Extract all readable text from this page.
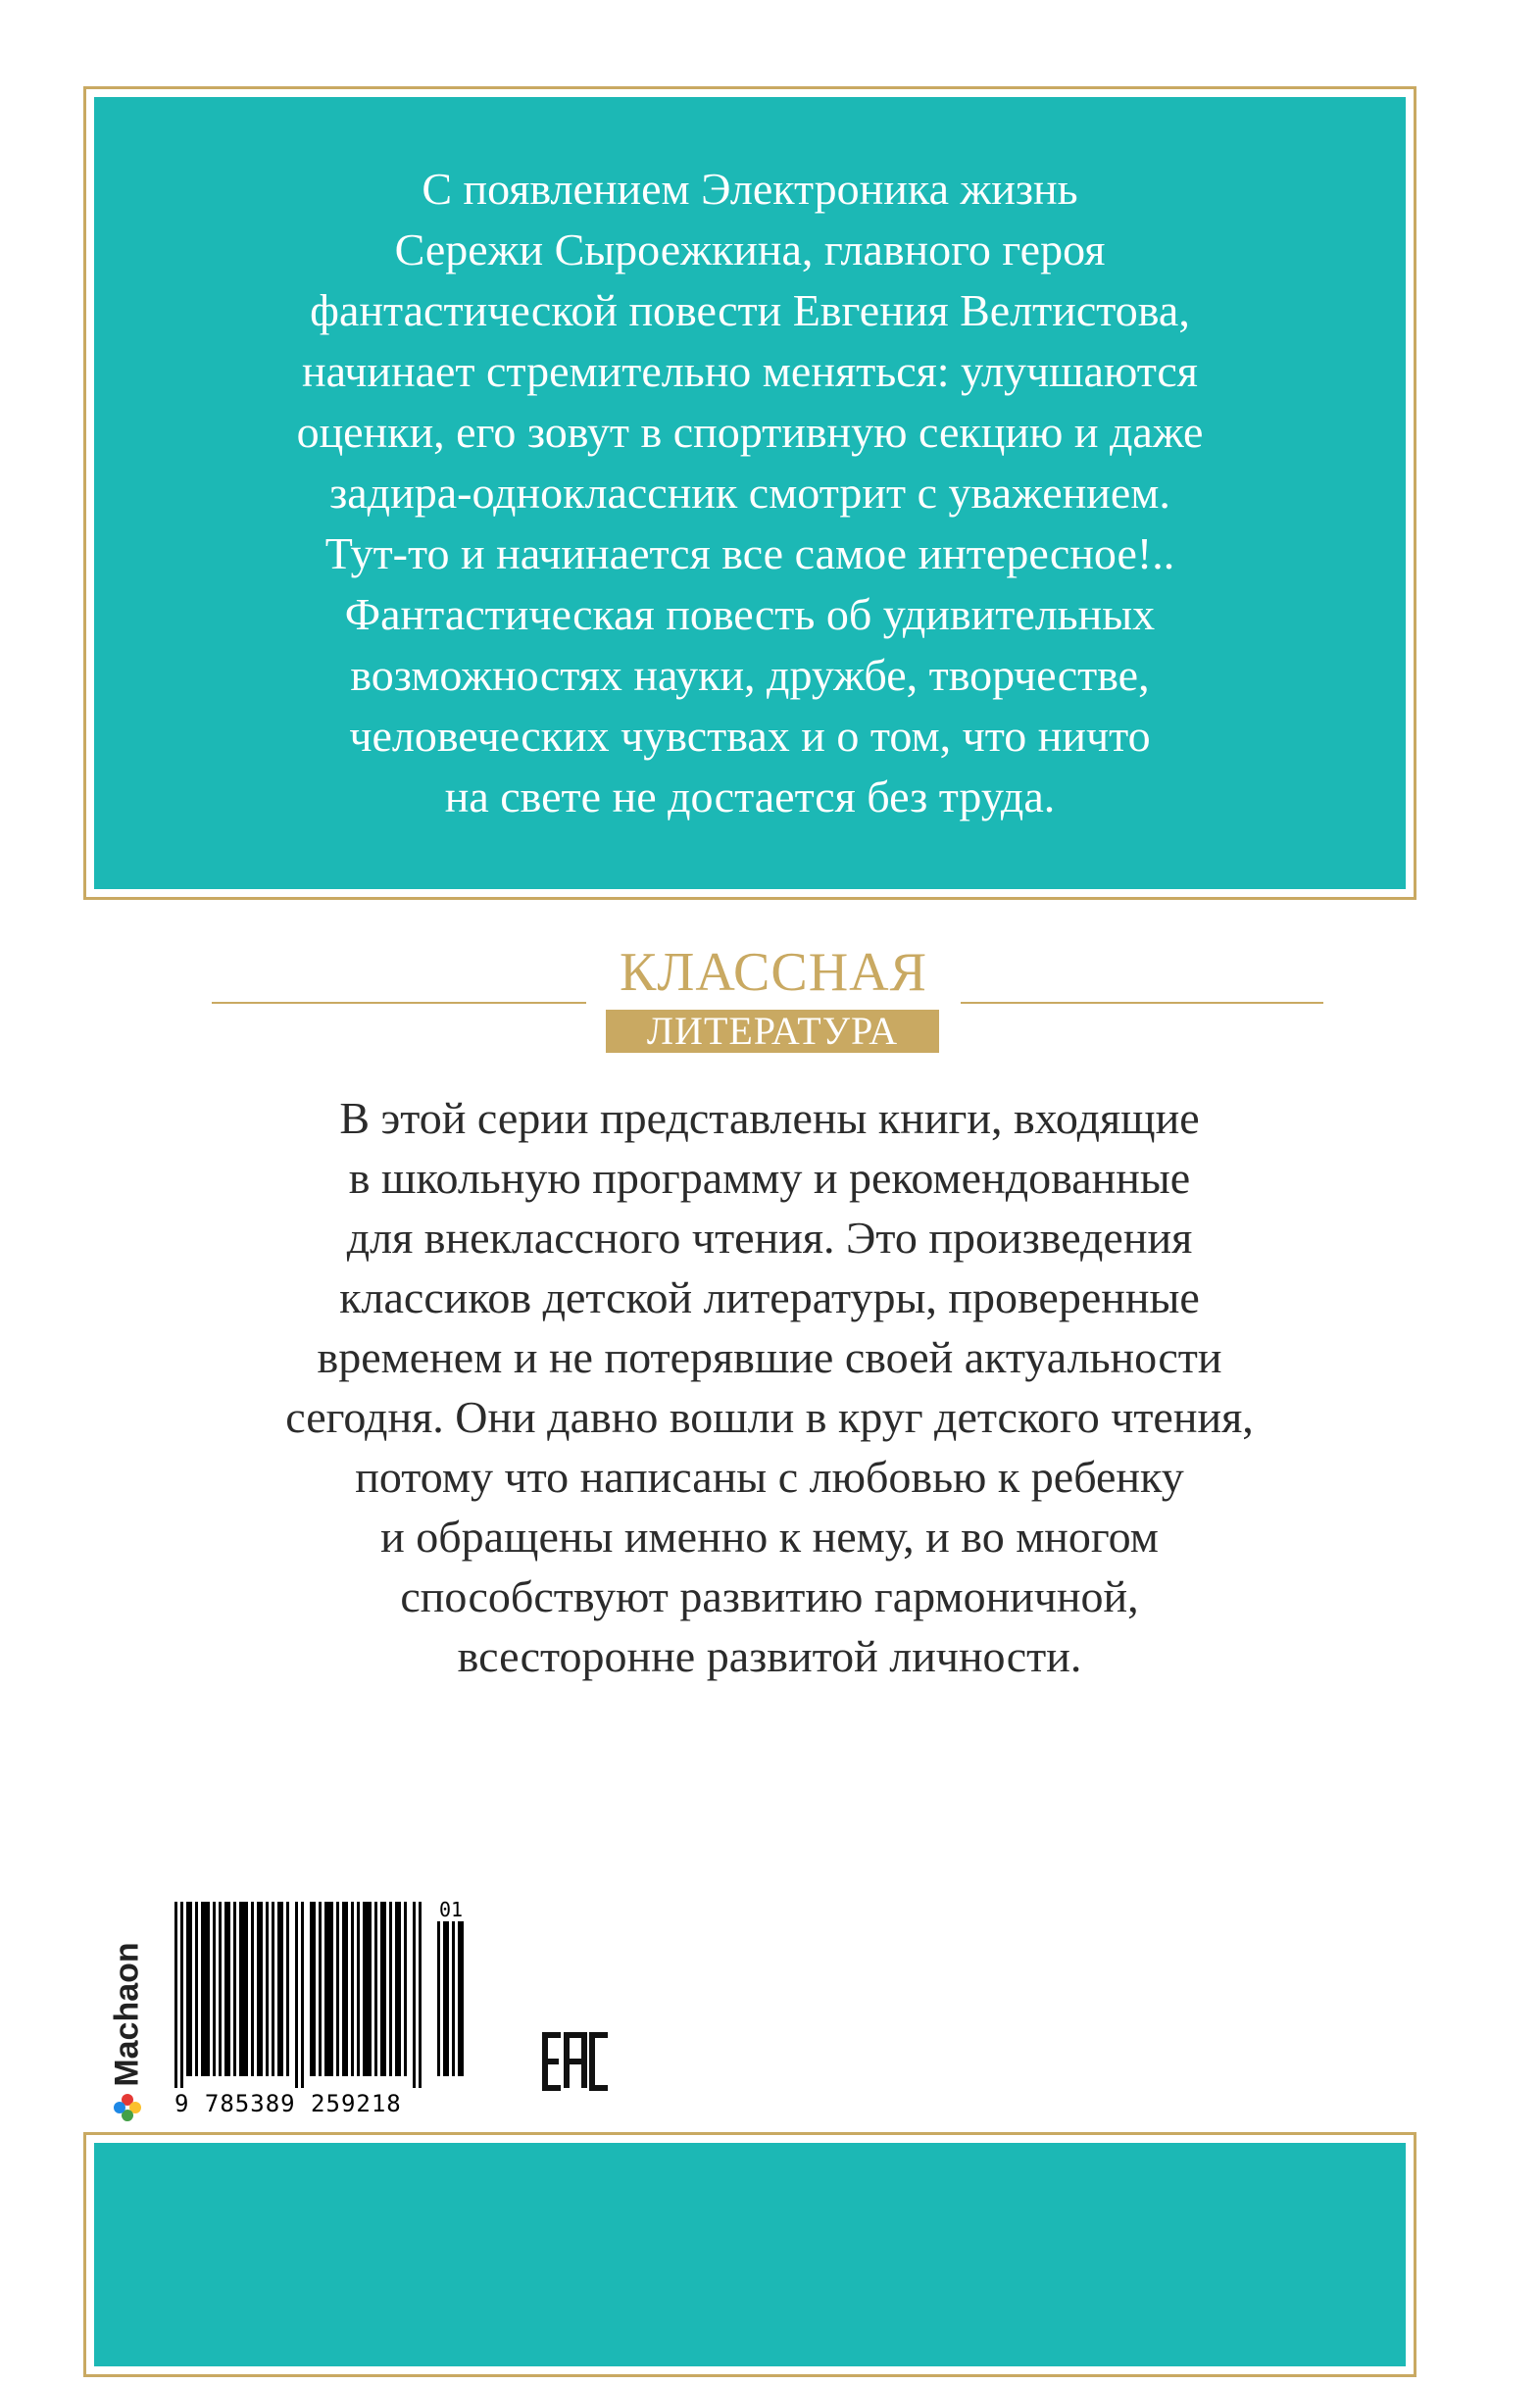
С появлением Электроника жизнь
Сережи Сыроежкина, главного героя
фантастической повести Евгения Велтистова,
начинает стремительно меняться: улучшаются
оценки, его зовут в спортивную секцию и даже
задира-одноклассник смотрит с уважением.
Тут-то и начинается все самое интересное!..
Фантастическая повесть об удивительных
возможностях науки, дружбе, творчестве,
человеческих чувствах и о том, что ничто
на свете не достается без труда.

КЛАССНАЯ
ЛИТЕРАТУРА
В этой серии представлены книги, входящие
в школьную программу и рекомендованные
для внеклассного чтения. Это произведения
классиков детской литературы, проверенные
временем и не потерявшие своей актуальности
сегодня. Они давно вошли в круг детского чтения,
потому что написаны с любовью к ребенку
и обращены именно к нему, и во многом
способствуют развитию гармоничной,
всесторонне развитой личности.
Machaon
01
9 785389 259218	EAC
